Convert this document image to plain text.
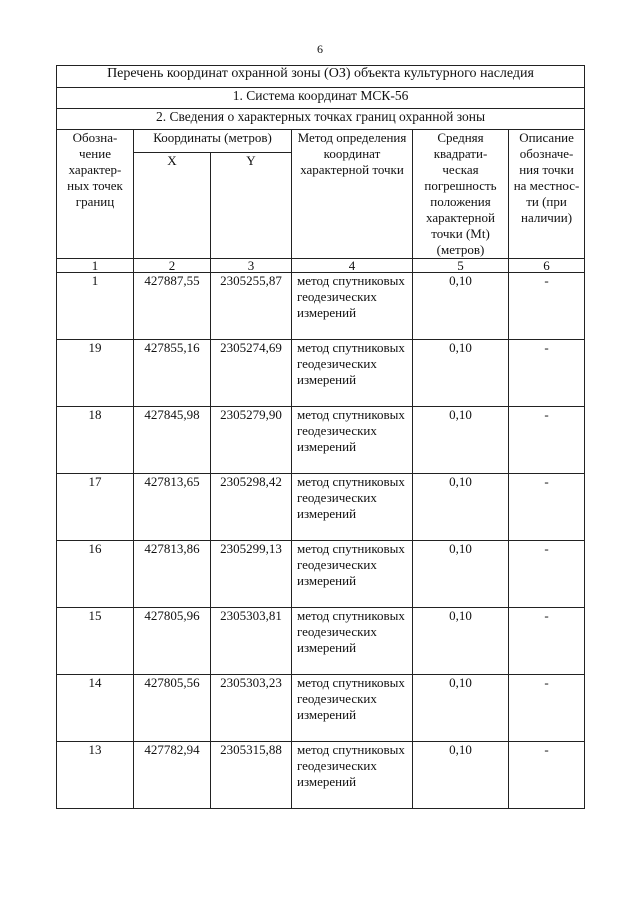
6
Перечень координат охранной зоны (ОЗ) объекта культурного наследия					
1. Система координат МСК-56					
2. Сведения о характерных точках границ охранной зоны					
Обозна-чение характер-ных точек границ	Координаты (метров)		Метод определения координат характерной точки	Средняя квадрати-ческая погрешность положения характерной точки (Mt) (метров)	Описание обозначе-ния точки на местнос-ти (при наличии)
	X	Y			
1	2	3	4	5	6
1	427887,55	2305255,87	метод спутниковых геодезических измерений	0,10	-
19	427855,16	2305274,69	метод спутниковых геодезических измерений	0,10	-
18	427845,98	2305279,90	метод спутниковых геодезических измерений	0,10	-
17	427813,65	2305298,42	метод спутниковых геодезических измерений	0,10	-
16	427813,86	2305299,13	метод спутниковых геодезических измерений	0,10	-
15	427805,96	2305303,81	метод спутниковых геодезических измерений	0,10	-
14	427805,56	2305303,23	метод спутниковых геодезических измерений	0,10	-
13	427782,94	2305315,88	метод спутниковых геодезических измерений	0,10	-
